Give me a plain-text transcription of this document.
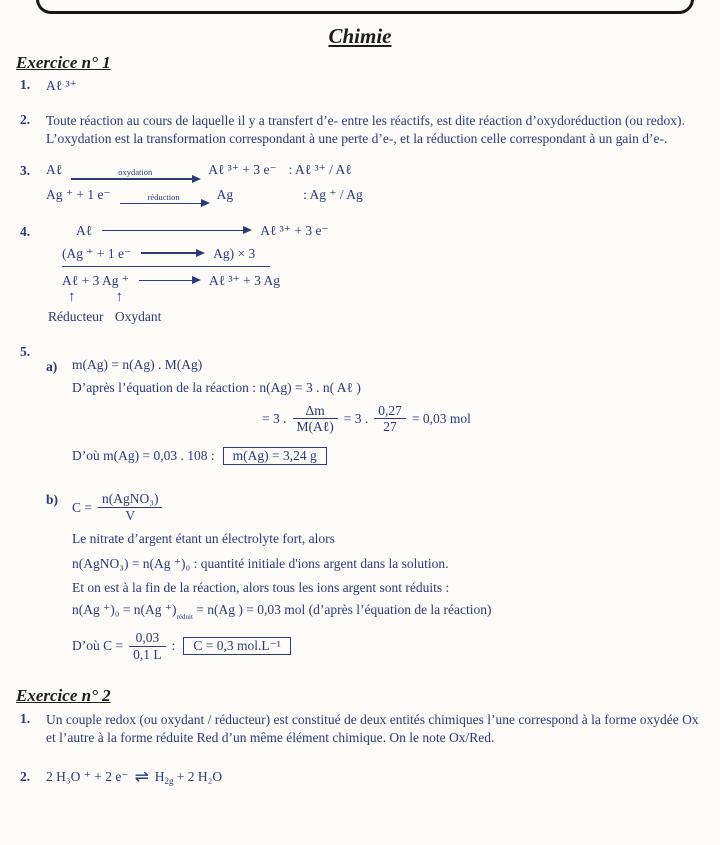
Chimie
Exercice n° 1
1.	Aℓ ³⁺
2.	Toute réaction au cours de laquelle il y a transfert d’e- entre les réactifs, est dite réaction d’oxydoréduction (ou redox). L’oxydation est la transformation correspondant à une perte d’e-, et la réduction celle correspondant à un gain d’e-.
3.	Aℓ	oxydation	Aℓ ³⁺ + 3 e⁻ : Aℓ ³⁺ / Aℓ
Ag ⁺ + 1 e⁻	réduction	Ag	: Ag ⁺ / Ag
4.	Aℓ	Aℓ ³⁺ + 3 e⁻
(Ag ⁺ + 1 e⁻	Ag) × 3
Aℓ + 3 Ag ⁺	Aℓ ³⁺ + 3 Ag
↑	↑
Réducteur Oxydant
5.
a)	m(Ag) = n(Ag) . M(Ag)
D’après l’équation de la réaction : n(Ag) = 3 . n( Aℓ )
= 3 . $\frac{\Delta m}{\text{M(Aℓ)}} = 3$ . $\frac{0,27}{27} = 0,03$ mol
D’où m(Ag) = 0,03 . 108 : m(Ag) = 3,24 g
b)	$C = \frac{\text{n(AgNO₃)}}{V}$
Le nitrate d’argent étant un électrolyte fort, alors
n(AgNO₃) = n(Ag ⁺)₀ : quantité initiale d'ions argent dans la solution.
Et on est à la fin de la réaction, alors tous les ions argent sont réduits :
n(Ag ⁺)₀ = n(Ag $^+)_{réduit} = n(Ag$ ) = 0,03 mol (d’après l’équation de la réaction)
D’où $C = \frac{0,03}{0,1 L}$ :	C = 0,3 mol.L⁻¹
Exercice n° 2
1.	Un couple redox (ou oxydant / réducteur) est constitué de deux entités chimiques l’une correspond à la forme oxydée Ox et l’autre à la forme réduite Red d’un même élément chimique. On le note Ox/Red.
2.	2 H₃O ⁺ + 2 e⁻ ⇌ $H_{2g} + 2$ H₂O
